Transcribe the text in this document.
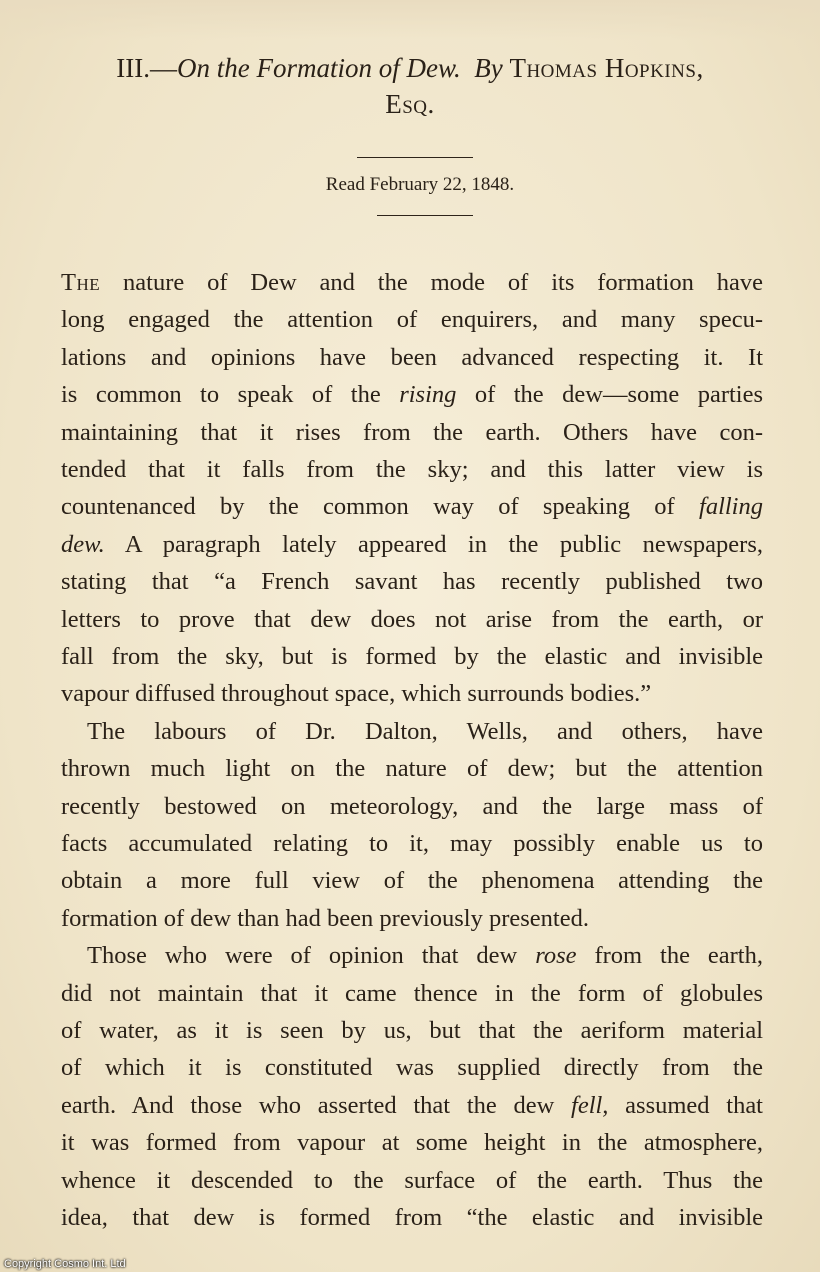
III.—On the Formation of Dew. By Thomas Hopkins,
Esq.
Read February 22, 1848.
The nature of Dew and the mode of its formation have
long engaged the attention of enquirers, and many specu-
lations and opinions have been advanced respecting it. It
is common to speak of the rising of the dew—some parties
maintaining that it rises from the earth. Others have con-
tended that it falls from the sky; and this latter view is
countenanced by the common way of speaking of falling
dew. A paragraph lately appeared in the public newspapers,
stating that “a French savant has recently published two
letters to prove that dew does not arise from the earth, or
fall from the sky, but is formed by the elastic and invisible
vapour diffused throughout space, which surrounds bodies.”
The labours of Dr. Dalton, Wells, and others, have
thrown much light on the nature of dew; but the attention
recently bestowed on meteorology, and the large mass of
facts accumulated relating to it, may possibly enable us to
obtain a more full view of the phenomena attending the
formation of dew than had been previously presented.
Those who were of opinion that dew rose from the earth,
did not maintain that it came thence in the form of globules
of water, as it is seen by us, but that the aeriform material
of which it is constituted was supplied directly from the
earth. And those who asserted that the dew fell, assumed that
it was formed from vapour at some height in the atmosphere,
whence it descended to the surface of the earth. Thus the
idea, that dew is formed from “the elastic and invisible
Copyright Cosmo Int. Ltd
